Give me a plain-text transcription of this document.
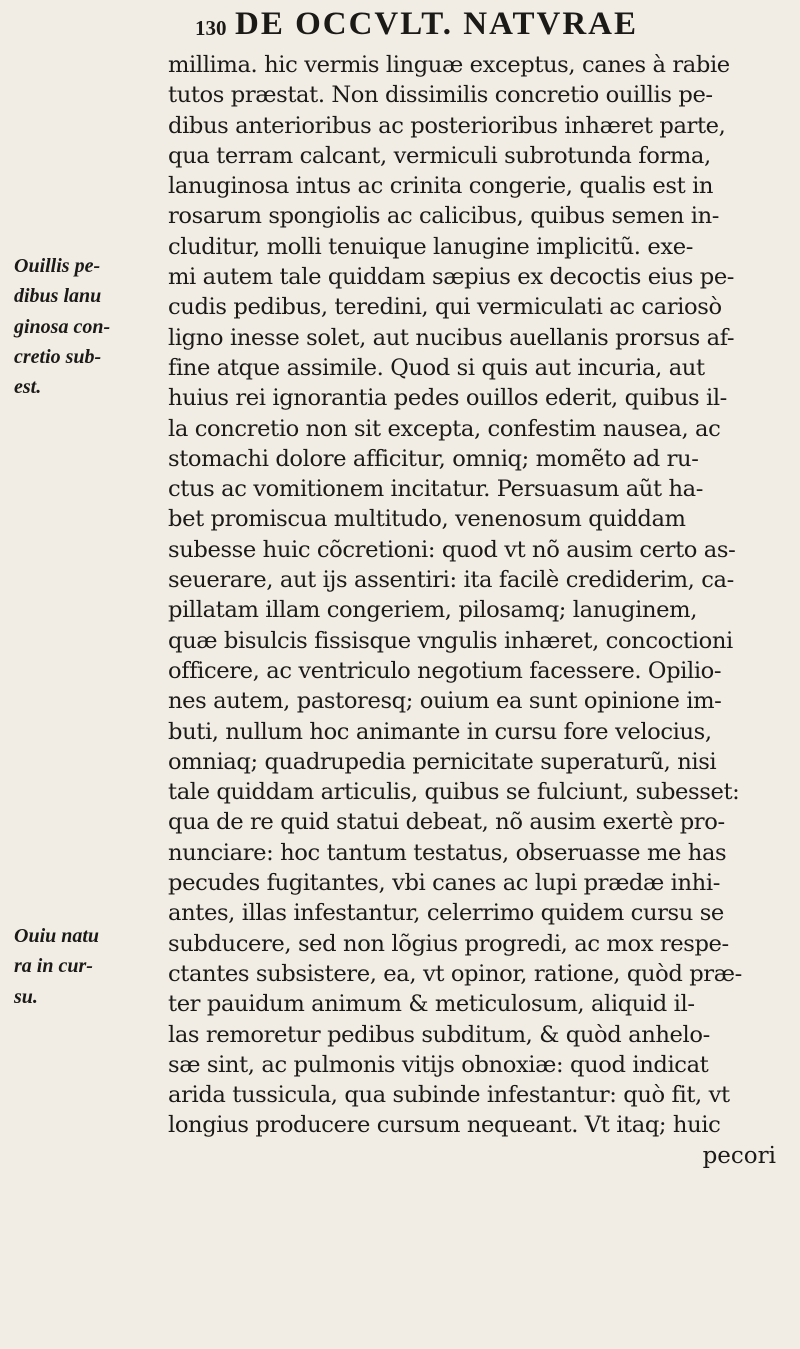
130 DE OCCVLT. NATVRAE
Ouillis pe-
dibus lanu
ginosa con-
cretio sub-
est.
Ouiu natu
ra in cur-
su.
millima. hic vermis linguæ exceptus, canes à rabie
tutos præstat. Non dissimilis concretio ouillis pe-
dibus anterioribus ac posterioribus inhæret parte,
qua terram calcant, vermiculi subrotunda forma,
lanuginosa intus ac crinita congerie, qualis est in
rosarum spongiolis ac calicibus, quibus semen in-
cluditur, molli tenuique lanugine implicitũ. exe-
mi autem tale quiddam sæpius ex decoctis eius pe-
cudis pedibus, teredini, qui vermiculati ac cariosò
ligno inesse solet, aut nucibus auellanis prorsus af-
fine atque assimile. Quod si quis aut incuria, aut
huius rei ignorantia pedes ouillos ederit, quibus il-
la concretio non sit excepta, confestim nausea, ac
stomachi dolore afficitur, omniq; momẽto ad ru-
ctus ac vomitionem incitatur. Persuasum aũt ha-
bet promiscua multitudo, venenosum quiddam
subesse huic cõcretioni: quod vt nõ ausim certo as-
seuerare, aut ijs assentiri: ita facilè crediderim, ca-
pillatam illam congeriem, pilosamq; lanuginem,
quæ bisulcis fissisque vngulis inhæret, concoctioni
officere, ac ventriculo negotium facessere. Opilio-
nes autem, pastoresq; ouium ea sunt opinione im-
buti, nullum hoc animante in cursu fore velocius,
omniaq; quadrupedia pernicitate superaturũ, nisi
tale quiddam articulis, quibus se fulciunt, subesset:
qua de re quid statui debeat, nõ ausim exertè pro-
nunciare: hoc tantum testatus, obseruasse me has
pecudes fugitantes, vbi canes ac lupi prædæ inhi-
antes, illas infestantur, celerrimo quidem cursu se
subducere, sed non lõgius progredi, ac mox respe-
ctantes subsistere, ea, vt opinor, ratione, quòd præ-
ter pauidum animum & meticulosum, aliquid il-
las remoretur pedibus subditum, & quòd anhelo-
sæ sint, ac pulmonis vitijs obnoxiæ: quod indicat
arida tussicula, qua subinde infestantur: quò fit, vt
longius producere cursum nequeant. Vt itaq; huic
pecori
